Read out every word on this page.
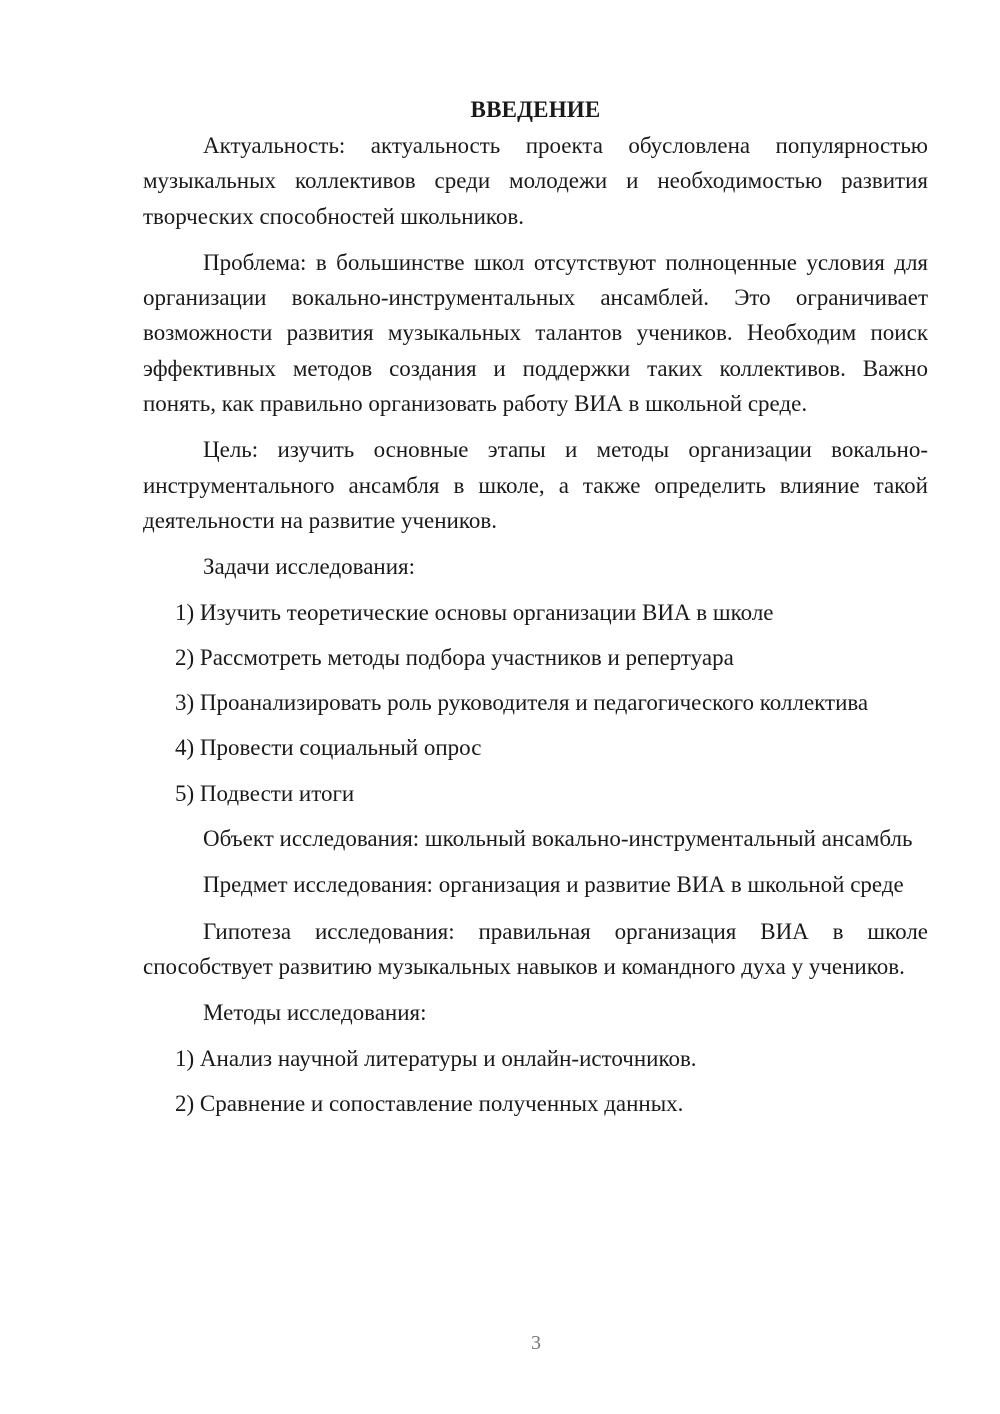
ВВЕДЕНИЕ

Актуальность: актуальность проекта обусловлена популярностью музыкальных коллективов среди молодежи и необходимостью развития творческих способностей школьников.

Проблема: в большинстве школ отсутствуют полноценные условия для организации вокально-инструментальных ансамблей. Это ограничивает возможности развития музыкальных талантов учеников. Необходим поиск эффективных методов создания и поддержки таких коллективов. Важно понять, как правильно организовать работу ВИА в школьной среде.

Цель: изучить основные этапы и методы организации вокально-инструментального ансамбля в школе, а также определить влияние такой деятельности на развитие учеников.

Задачи исследования:
1) Изучить теоретические основы организации ВИА в школе
2) Рассмотреть методы подбора участников и репертуара
3) Проанализировать роль руководителя и педагогического коллектива
4) Провести социальный опрос
5) Подвести итоги

Объект исследования: школьный вокально-инструментальный ансамбль

Предмет исследования: организация и развитие ВИА в школьной среде

Гипотеза исследования: правильная организация ВИА в школе способствует развитию музыкальных навыков и командного духа у учеников.

Методы исследования:
1) Анализ научной литературы и онлайн-источников.
2) Сравнение и сопоставление полученных данных.
3
